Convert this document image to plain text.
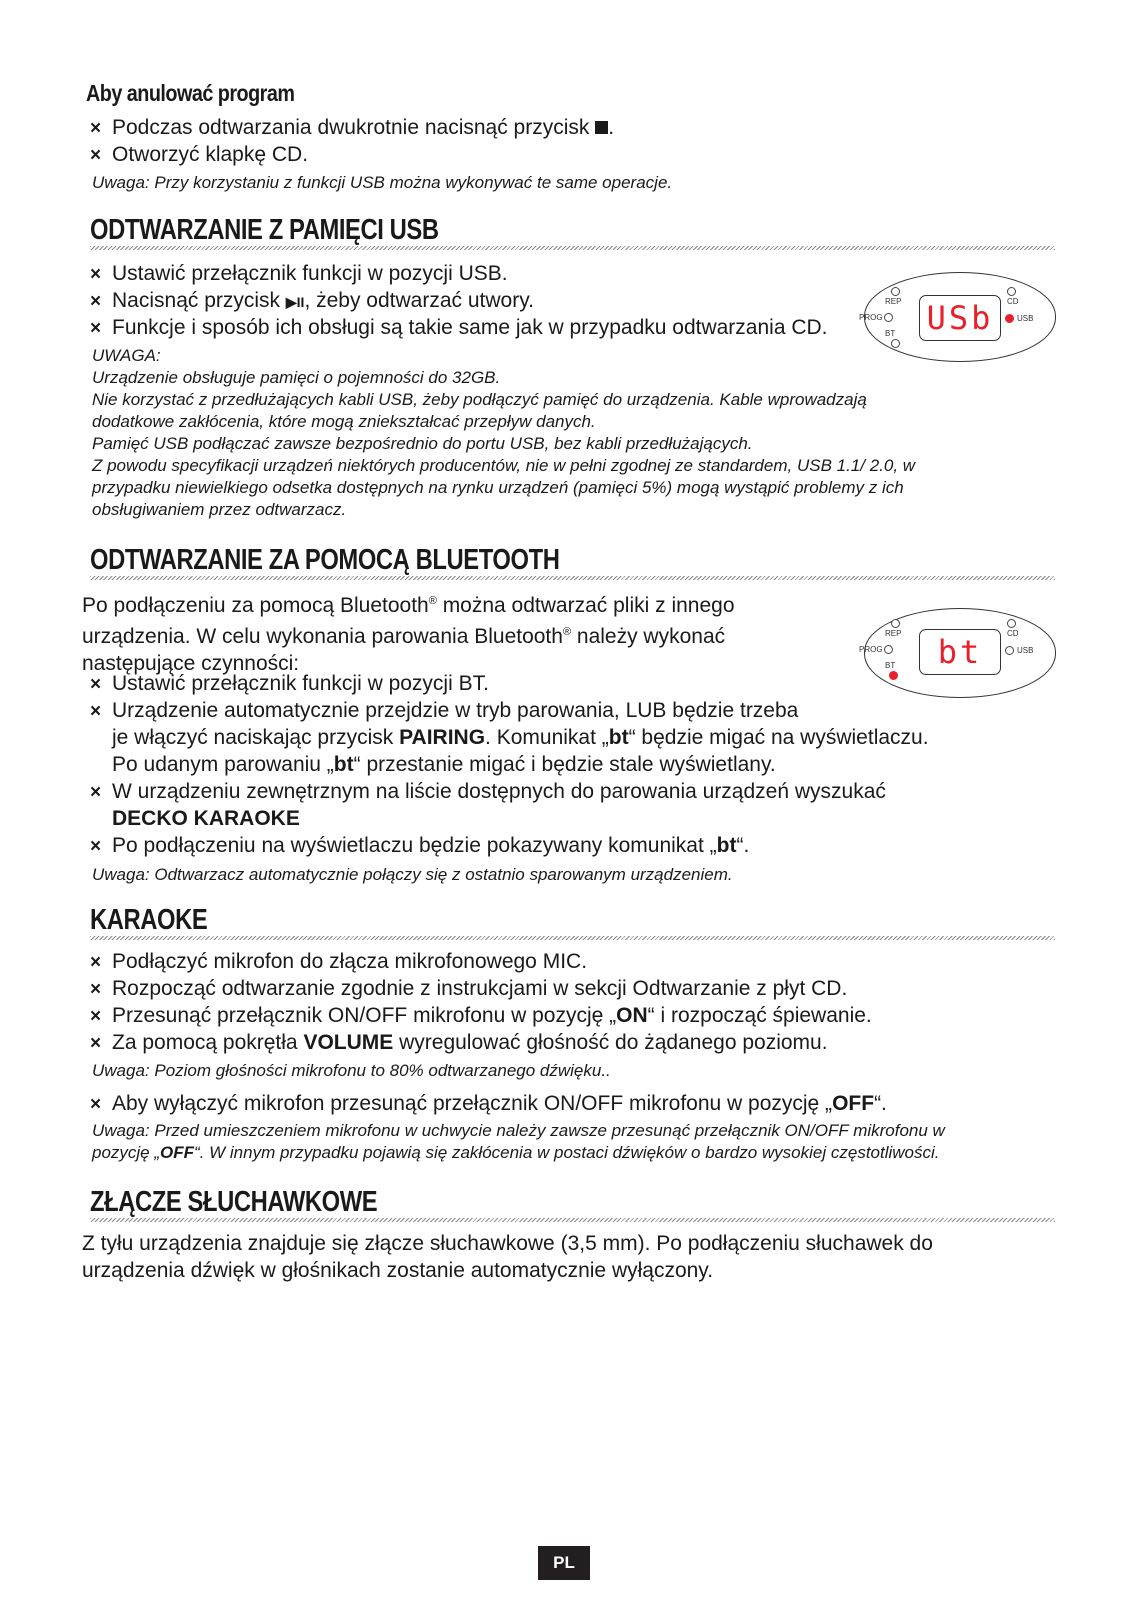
Aby anulować program
× Podczas odtwarzania dwukrotnie nacisnąć przycisk .
× Otworzyć klapkę CD.
Uwaga: Przy korzystaniu z funkcji USB można wykonywać te same operacje.
ODTWARZANIE Z PAMIĘCI USB
× Ustawić przełącznik funkcji w pozycji USB.
× Nacisnąć przycisk ▶II, żeby odtwarzać utwory.
× Funkcje i sposób ich obsługi są takie same jak w przypadku odtwarzania CD.
UWAGA:
Urządzenie obsługuje pamięci o pojemności do 32GB.
Nie korzystać z przedłużających kabli USB, żeby podłączyć pamięć do urządzenia. Kable wprowadzają
dodatkowe zakłócenia, które mogą zniekształcać przepływ danych.
Pamięć USB podłączać zawsze bezpośrednio do portu USB, bez kabli przedłużających.
Z powodu specyfikacji urządzeń niektórych producentów, nie w pełni zgodnej ze standardem, USB 1.1/ 2.0, w
przypadku niewielkiego odsetka dostępnych na rynku urządzeń (pamięci 5%) mogą wystąpić problemy z ich
obsługiwaniem przez odtwarzacz.
REP
PROG
BT USb	CD
USB
ODTWARZANIE ZA POMOCĄ BLUETOOTH
Po podłączeniu za pomocą Bluetooth® można odtwarzać pliki z innego
urządzenia. W celu wykonania parowania Bluetooth® należy wykonać
następujące czynności:
× Ustawić przełącznik funkcji w pozycji BT.
× Urządzenie automatycznie przejdzie w tryb parowania, LUB będzie trzeba
je włączyć naciskając przycisk PAIRING. Komunikat „bt“ będzie migać na wyświetlaczu.
Po udanym parowaniu „bt“ przestanie migać i będzie stale wyświetlany.
× W urządzeniu zewnętrznym na liście dostępnych do parowania urządzeń wyszukać
DECKO KARAOKE
× Po podłączeniu na wyświetlaczu będzie pokazywany komunikat „bt“.
Uwaga: Odtwarzacz automatycznie połączy się z ostatnio sparowanym urządzeniem.
REP
PROG
BT	bt	CD
USB
KARAOKE
× Podłączyć mikrofon do złącza mikrofonowego MIC.
× Rozpocząć odtwarzanie zgodnie z instrukcjami w sekcji Odtwarzanie z płyt CD.
× Przesunąć przełącznik ON/OFF mikrofonu w pozycję „ON“ i rozpocząć śpiewanie.
× Za pomocą pokrętła VOLUME wyregulować głośność do żądanego poziomu.
Uwaga: Poziom głośności mikrofonu to 80% odtwarzanego dźwięku..
× Aby wyłączyć mikrofon przesunąć przełącznik ON/OFF mikrofonu w pozycję „OFF“.
Uwaga: Przed umieszczeniem mikrofonu w uchwycie należy zawsze przesunąć przełącznik ON/OFF mikrofonu w
pozycję „OFF“. W innym przypadku pojawią się zakłócenia w postaci dźwięków o bardzo wysokiej częstotliwości.
ZŁĄCZE SŁUCHAWKOWE
Z tyłu urządzenia znajduje się złącze słuchawkowe (3,5 mm). Po podłączeniu słuchawek do
urządzenia dźwięk w głośnikach zostanie automatycznie wyłączony.
PL
